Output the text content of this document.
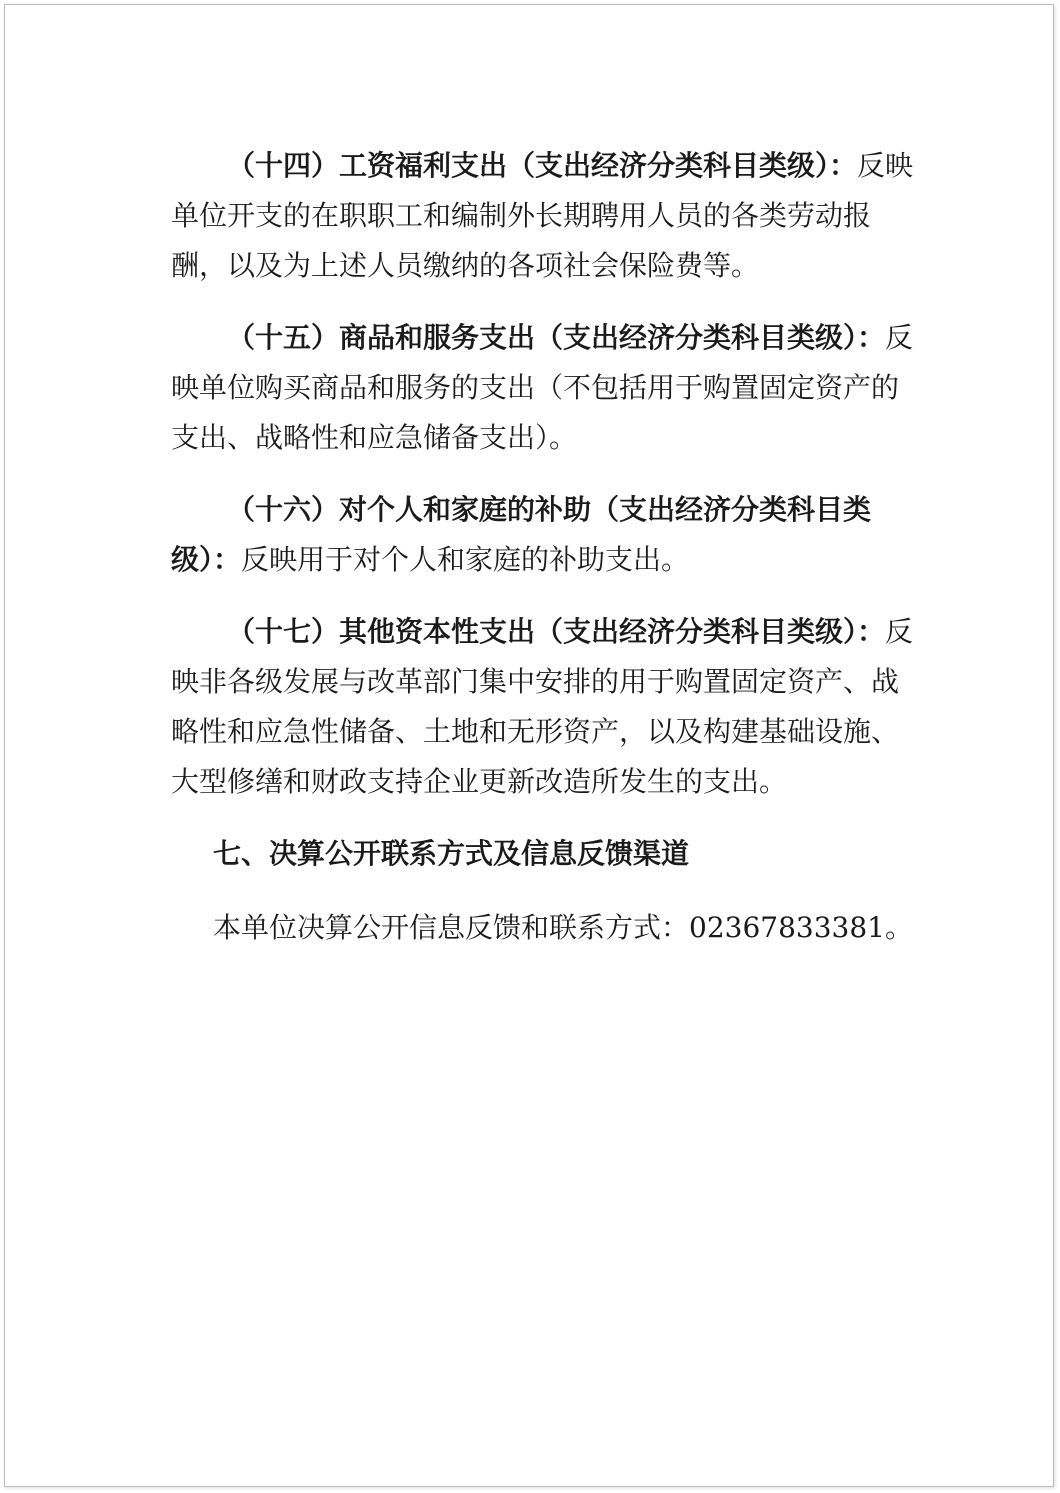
（十四）工资福利支出（支出经济分类科目类级）：反映单位开支的在职职工和编制外长期聘用人员的各类劳动报酬，以及为上述人员缴纳的各项社会保险费等。

（十五）商品和服务支出（支出经济分类科目类级）：反映单位购买商品和服务的支出（不包括用于购置固定资产的支出、战略性和应急储备支出）。

（十六）对个人和家庭的补助（支出经济分类科目类级）：反映用于对个人和家庭的补助支出。

（十七）其他资本性支出（支出经济分类科目类级）：反映非各级发展与改革部门集中安排的用于购置固定资产、战略性和应急性储备、土地和无形资产，以及构建基础设施、大型修缮和财政支持企业更新改造所发生的支出。

七、决算公开联系方式及信息反馈渠道

本单位决算公开信息反馈和联系方式：02367833381。
